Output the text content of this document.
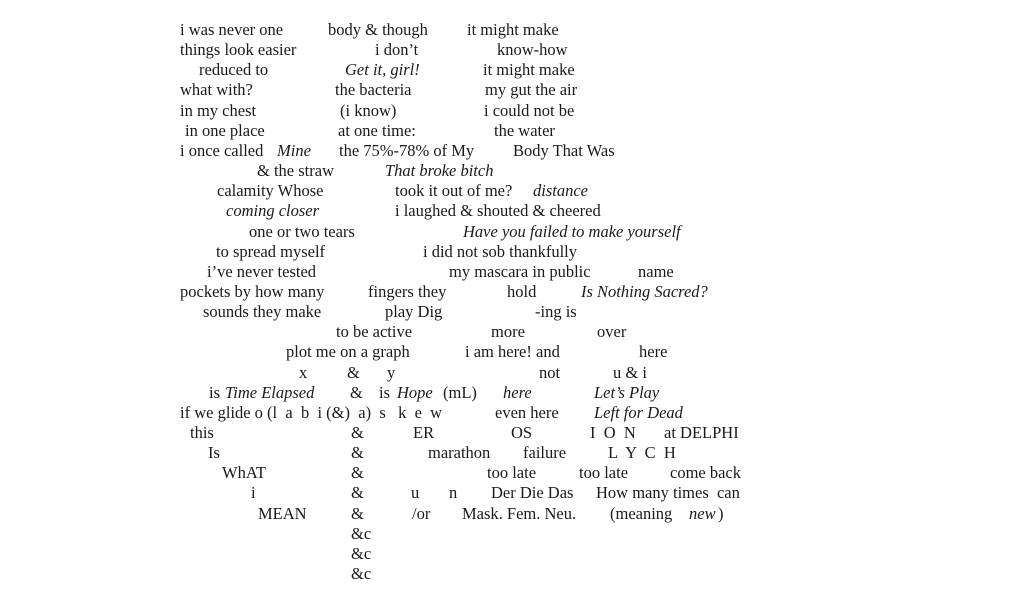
i was never one	body & though it might make
things look easier	i don’t	know-how
reduced to	Get it, girl!	it might make
what with?	the bacteria	my gut the air
in my chest	(i know)	i could not be
in one place	at one time:	the water
i once called Mine the 75%-78% of My Body That Was
& the straw	That broke bitch
calamity Whose	took it out of me? distance
coming closer	i laughed & shouted & cheered
one or two tears	Have you failed to make yourself
to spread myself	i did not sob thankfully
i’ve never tested	my mascara in public	name
pockets by how many	fingers they	hold	Is Nothing Sacred?
sounds they make	play Dig	-ing is
to be active	more	over
plot me on a graph	i am here! and	here
x & y	not	u & i
is Time Elapsed & is Hope (mL) here	Let’s Play
if we glide o (l  a  b  i (&)  a)  s   k  e  w	even here Left for Dead
this	&	ER	OS	I  O  N at DELPHI
Is	&	marathon failure	L  Y  C  H
WhAT	&	too late	too late	come back
i	&	u n Der Die Das How many times  can
MEAN	&	/or Mask. Fem. Neu. (meaning new )
&c
&c
&c
